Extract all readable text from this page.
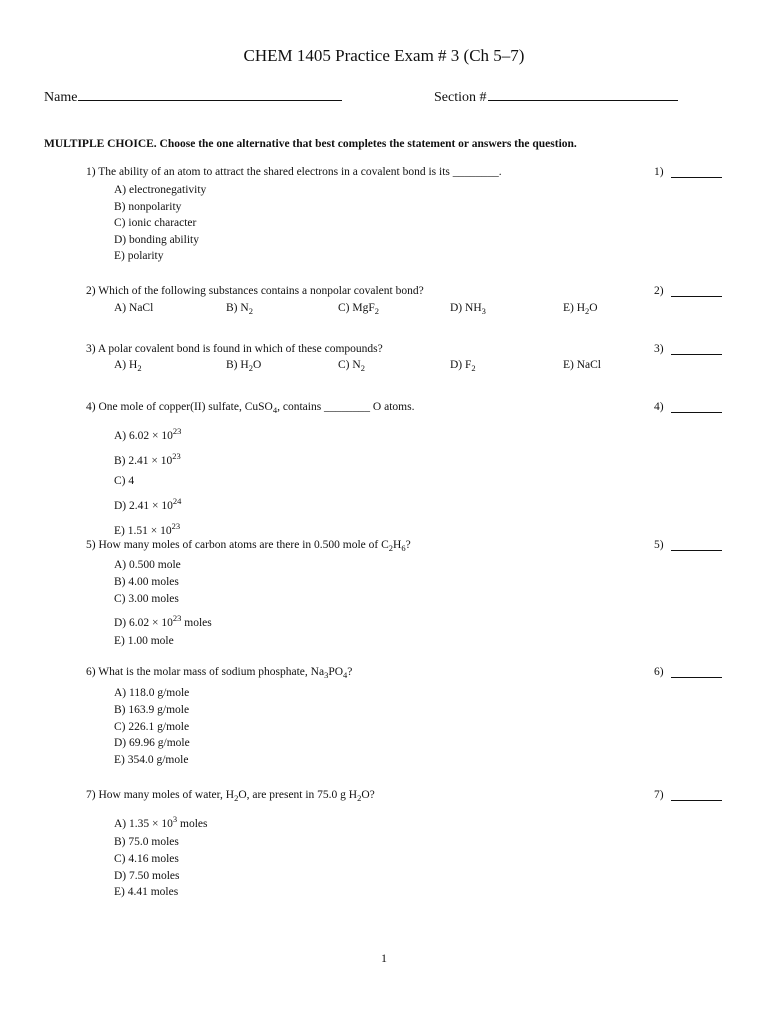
CHEM 1405 Practice Exam # 3 (Ch 5–7)
Name	Section #
MULTIPLE CHOICE. Choose the one alternative that best completes the statement or answers the question.
1) The ability of an atom to attract the shared electrons in a covalent bond is its ________.	1)
A) electronegativity
B) nonpolarity
C) ionic character
D) bonding ability
E) polarity
2) Which of the following substances contains a nonpolar covalent bond?	2)
A) NaCl	B) $N_2$	C) MgF$_2$	D) $NH_3$	E) $H_2O$
3) A polar covalent bond is found in which of these compounds?	3)
A) $H_2$	B) $H_2O$	C) $N_2$	D) $F_2$	E) NaCl
4) One mole of copper(II) sulfate, CuSO$_4$, contains ________ O atoms.	4)
A) $6.02 \times 10^{23}$
B) $2.41 \times 10^{23}$
C) 4
D) $2.41 \times 10^{24}$
E) $1.51 \times 10^{23}$
5) How many moles of carbon atoms are there in 0.500 mole of $C_2H_6$?	5)
A) 0.500 mole
B) 4.00 moles
C) 3.00 moles
D) $6.02 \times 10^{23}$ moles
E) 1.00 mole
6) What is the molar mass of sodium phosphate, $Na_3PO_4$?	6)
A) 118.0 g/mole
B) 163.9 g/mole
C) 226.1 g/mole
D) 69.96 g/mole
E) 354.0 g/mole
7) How many moles of water, $H_2O$, are present in 75.0 g $H_2O$?	7)
A) $1.35 \times 10^3$ moles
B) 75.0 moles
C) 4.16 moles
D) 7.50 moles
E) 4.41 moles
1
